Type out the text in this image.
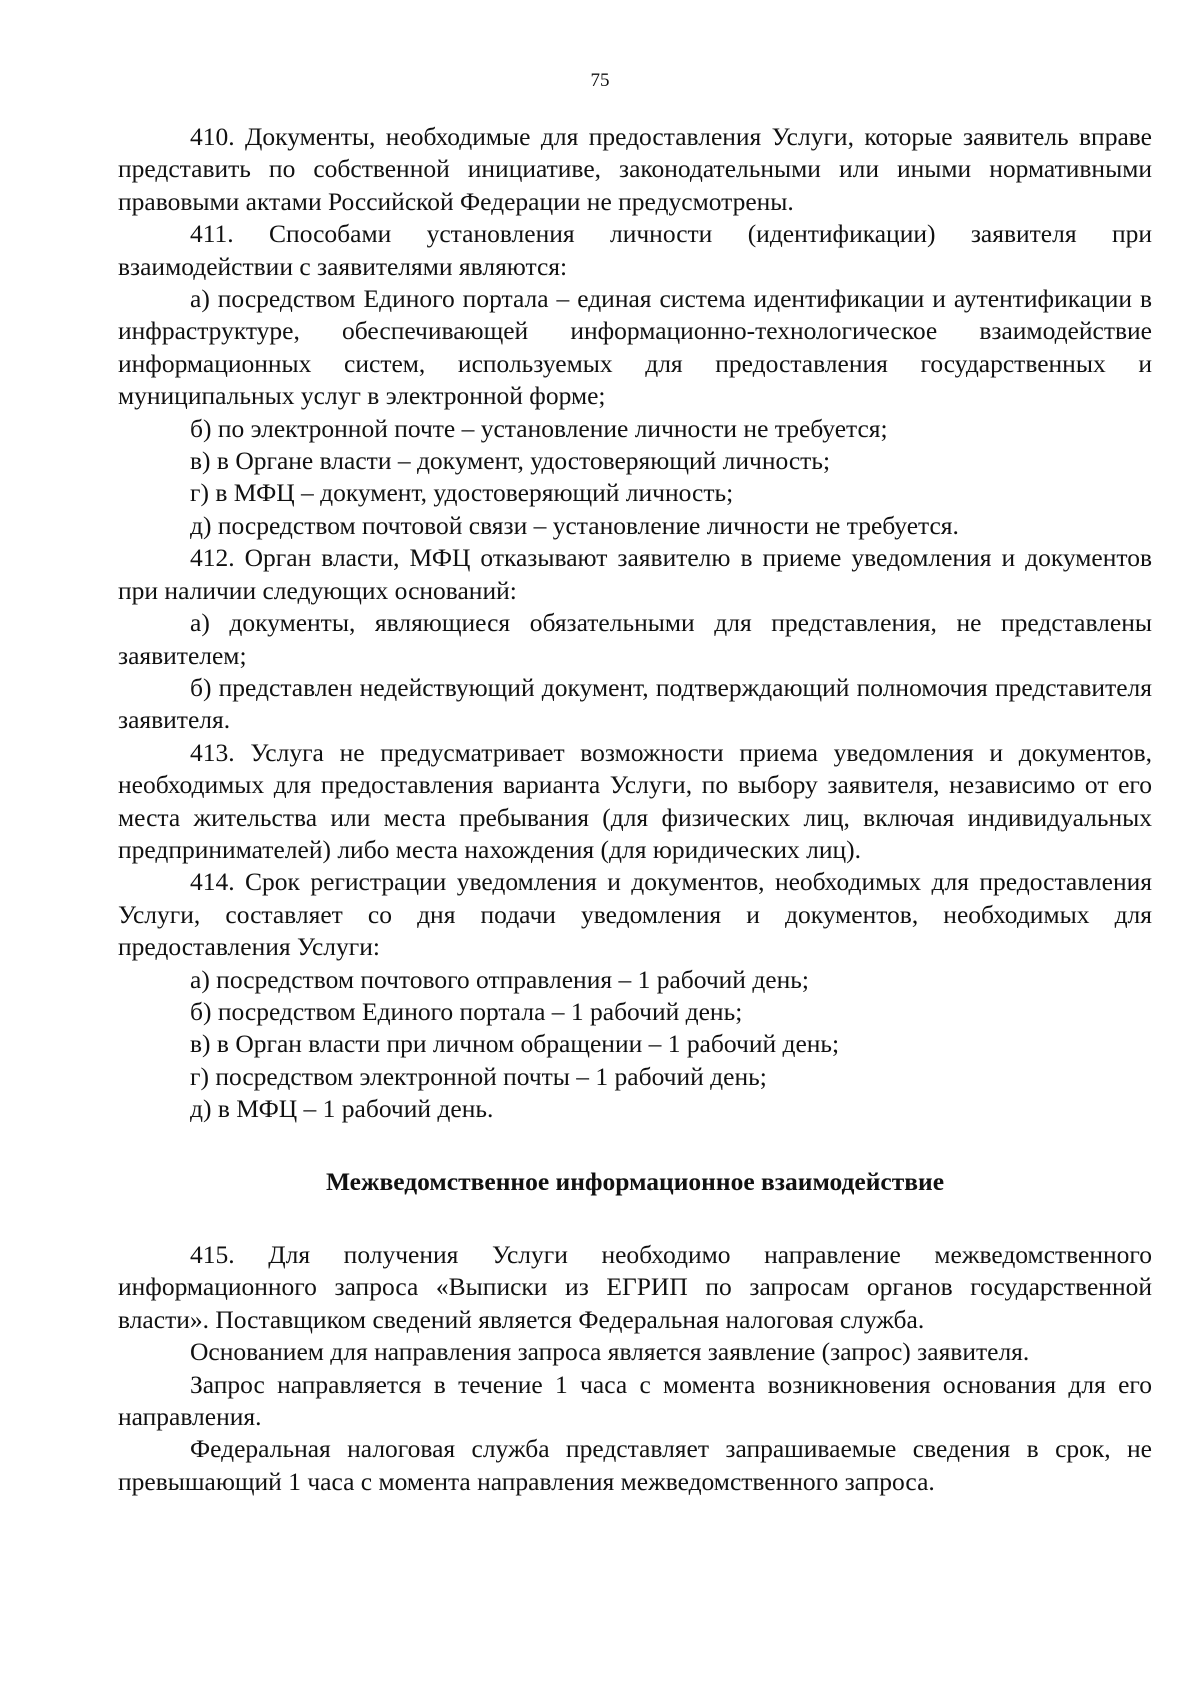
75

410. Документы, необходимые для предоставления Услуги, которые заявитель вправе представить по собственной инициативе, законодательными или иными нормативными правовыми актами Российской Федерации не предусмотрены.

411. Способами установления личности (идентификации) заявителя при взаимодействии с заявителями являются:

а) посредством Единого портала – единая система идентификации и аутентификации в инфраструктуре, обеспечивающей информационно-технологическое взаимодействие информационных систем, используемых для предоставления государственных и муниципальных услуг в электронной форме;

б) по электронной почте – установление личности не требуется;

в) в Органе власти – документ, удостоверяющий личность;

г) в МФЦ – документ, удостоверяющий личность;

д) посредством почтовой связи – установление личности не требуется.

412. Орган власти, МФЦ отказывают заявителю в приеме уведомления и документов при наличии следующих оснований:

а) документы, являющиеся обязательными для представления, не представлены заявителем;

б) представлен недействующий документ, подтверждающий полномочия представителя заявителя.

413. Услуга не предусматривает возможности приема уведомления и документов, необходимых для предоставления варианта Услуги, по выбору заявителя, независимо от его места жительства или места пребывания (для физических лиц, включая индивидуальных предпринимателей) либо места нахождения (для юридических лиц).

414. Срок регистрации уведомления и документов, необходимых для предоставления Услуги, составляет со дня подачи уведомления и документов, необходимых для предоставления Услуги:

а) посредством почтового отправления – 1 рабочий день;

б) посредством Единого портала – 1 рабочий день;

в) в Орган власти при личном обращении – 1 рабочий день;

г) посредством электронной почты – 1 рабочий день;

д) в МФЦ – 1 рабочий день.

Межведомственное информационное взаимодействие

415. Для получения Услуги необходимо направление межведомственного информационного запроса «Выписки из ЕГРИП по запросам органов государственной власти». Поставщиком сведений является Федеральная налоговая служба.

Основанием для направления запроса является заявление (запрос) заявителя.

Запрос направляется в течение 1 часа с момента возникновения основания для его направления.

Федеральная налоговая служба представляет запрашиваемые сведения в срок, не превышающий 1 часа с момента направления межведомственного запроса.
